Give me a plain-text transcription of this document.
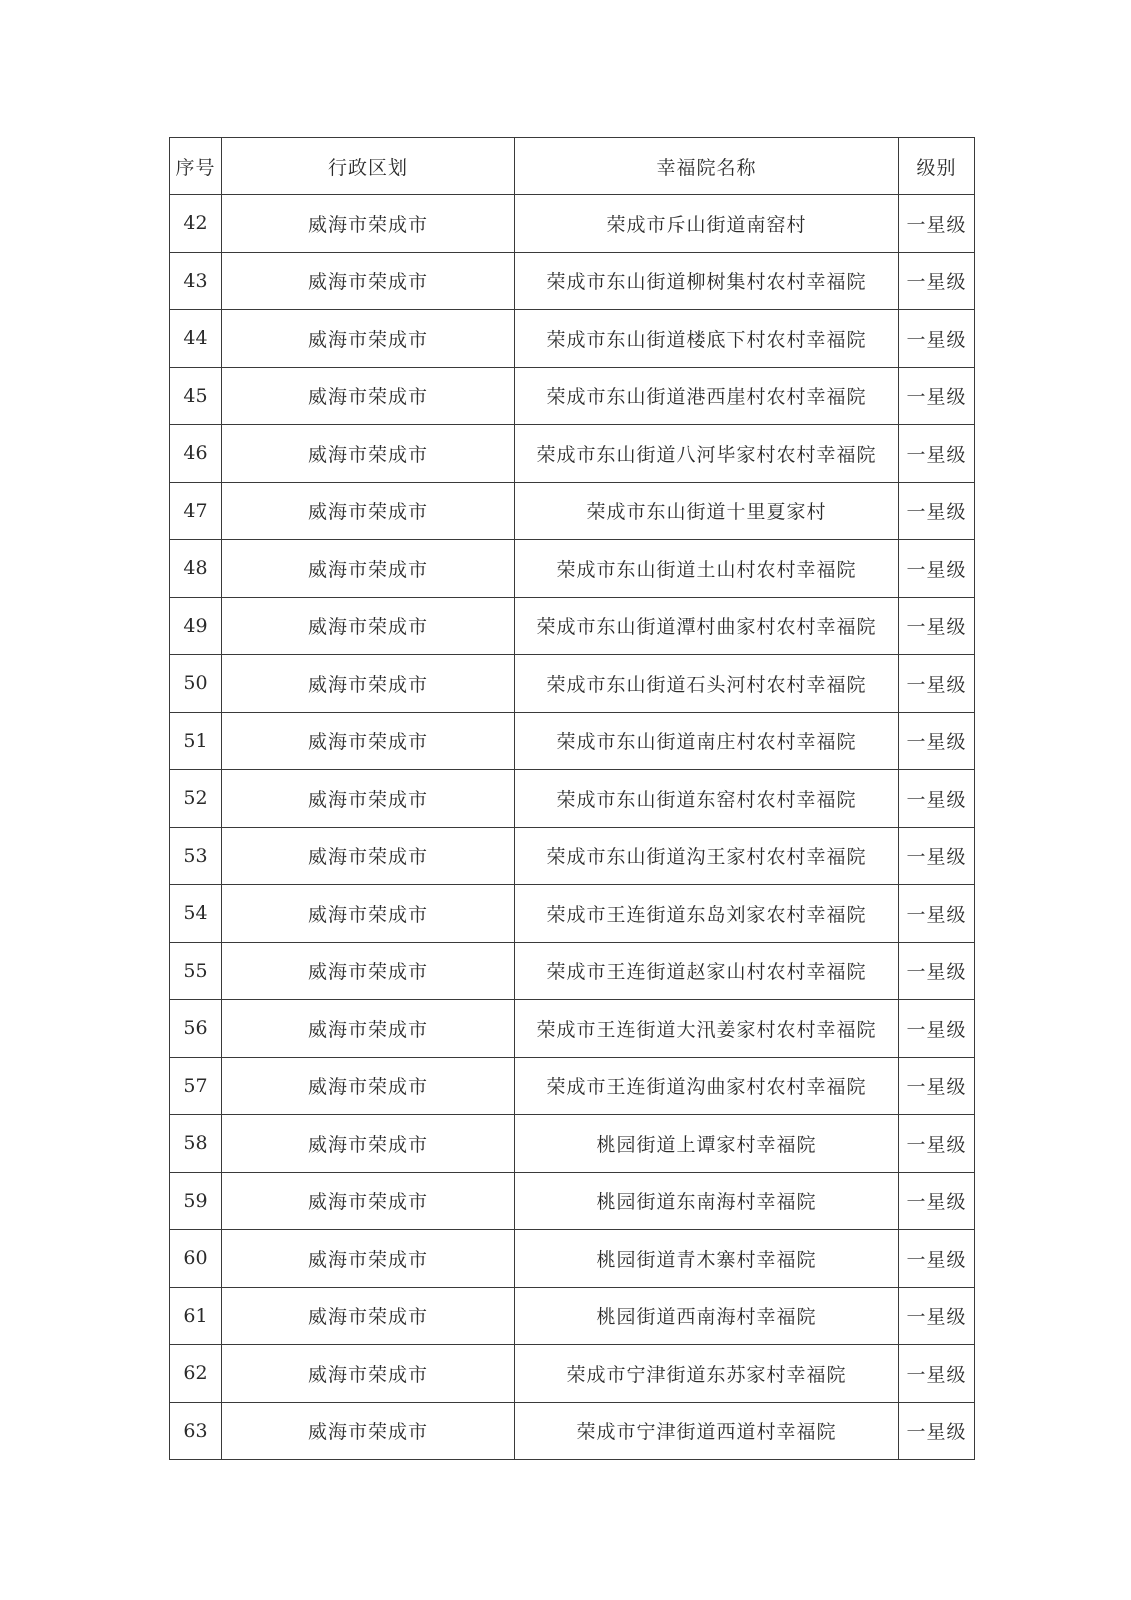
序号	行政区划	幸福院名称	级别
42	威海市荣成市	荣成市斥山街道南窑村	一星级
43	威海市荣成市	荣成市东山街道柳树集村农村幸福院	一星级
44	威海市荣成市	荣成市东山街道楼底下村农村幸福院	一星级
45	威海市荣成市	荣成市东山街道港西崖村农村幸福院	一星级
46	威海市荣成市	荣成市东山街道八河毕家村农村幸福院	一星级
47	威海市荣成市	荣成市东山街道十里夏家村	一星级
48	威海市荣成市	荣成市东山街道土山村农村幸福院	一星级
49	威海市荣成市	荣成市东山街道潭村曲家村农村幸福院	一星级
50	威海市荣成市	荣成市东山街道石头河村农村幸福院	一星级
51	威海市荣成市	荣成市东山街道南庄村农村幸福院	一星级
52	威海市荣成市	荣成市东山街道东窑村农村幸福院	一星级
53	威海市荣成市	荣成市东山街道沟王家村农村幸福院	一星级
54	威海市荣成市	荣成市王连街道东岛刘家农村幸福院	一星级
55	威海市荣成市	荣成市王连街道赵家山村农村幸福院	一星级
56	威海市荣成市	荣成市王连街道大汛姜家村农村幸福院	一星级
57	威海市荣成市	荣成市王连街道沟曲家村农村幸福院	一星级
58	威海市荣成市	桃园街道上谭家村幸福院	一星级
59	威海市荣成市	桃园街道东南海村幸福院	一星级
60	威海市荣成市	桃园街道青木寨村幸福院	一星级
61	威海市荣成市	桃园街道西南海村幸福院	一星级
62	威海市荣成市	荣成市宁津街道东苏家村幸福院	一星级
63	威海市荣成市	荣成市宁津街道西道村幸福院	一星级
